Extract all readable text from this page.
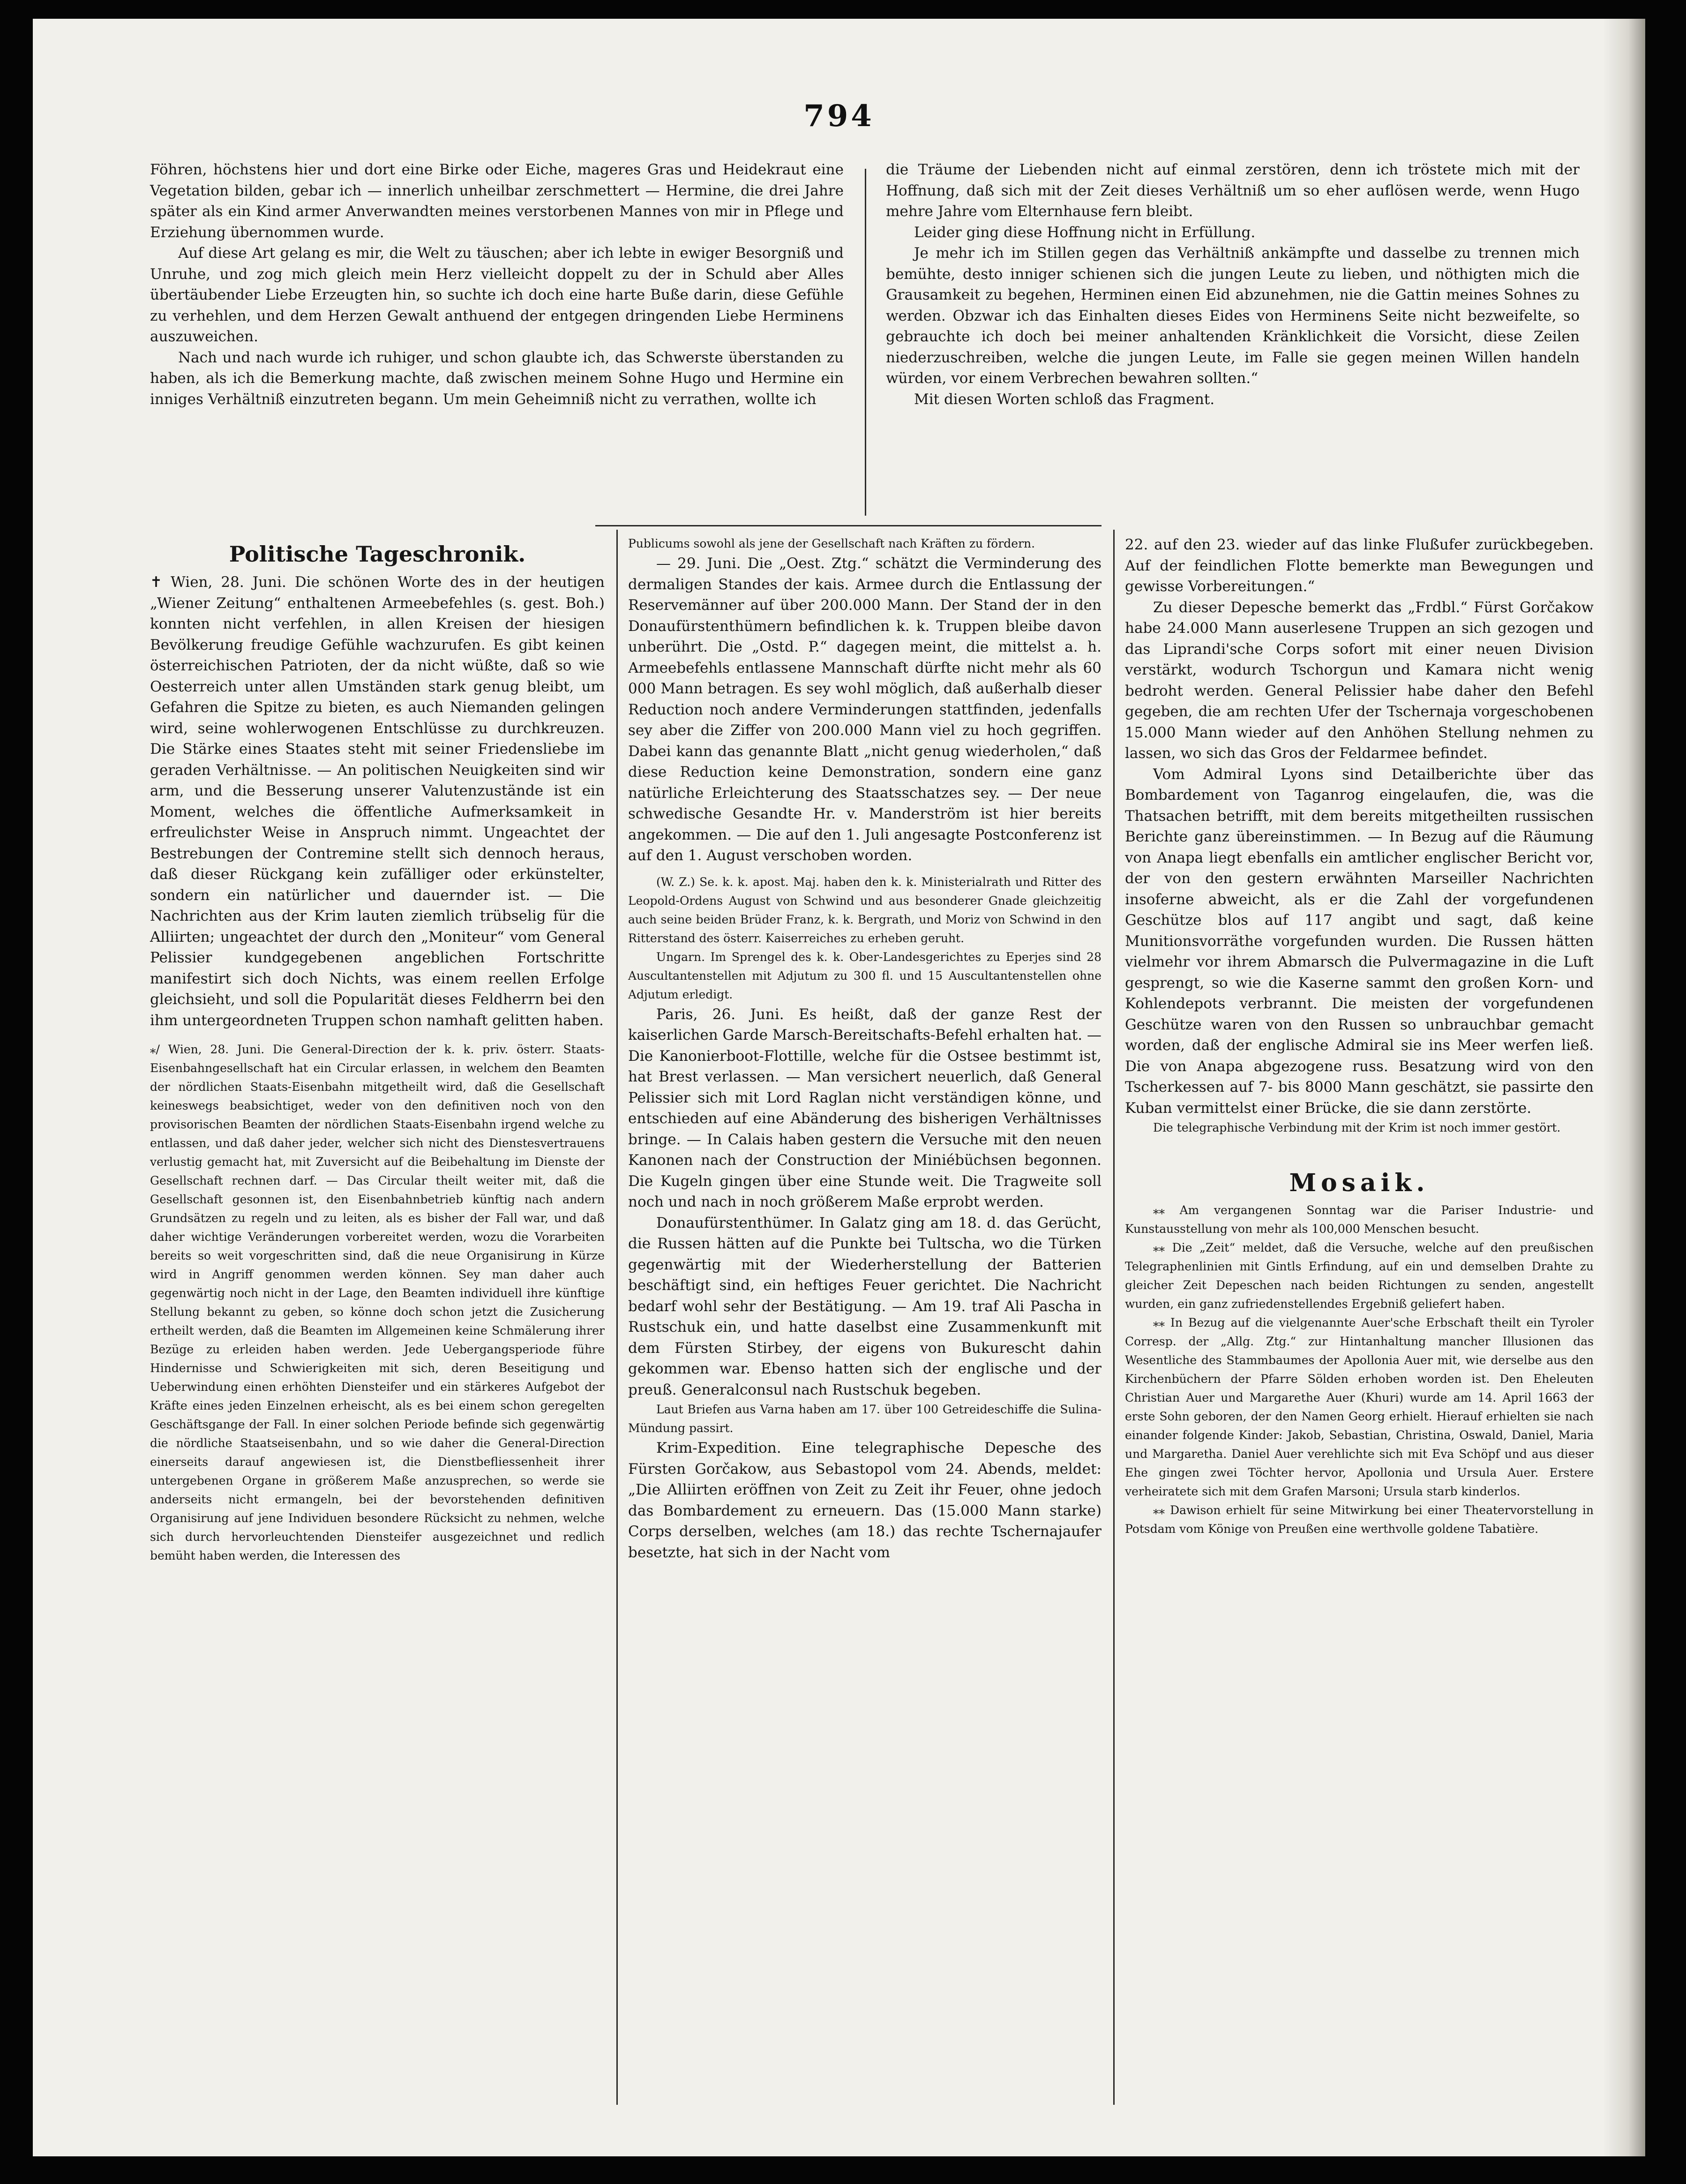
794

Föhren, höchstens hier und dort eine Birke oder Eiche, mageres Gras und Heidekraut eine Vegetation bilden, gebar ich — innerlich unheilbar zerschmettert — Hermine, die drei Jahre später als ein Kind armer Anverwandten meines verstorbenen Mannes von mir in Pflege und Erziehung übernommen wurde.

Auf diese Art gelang es mir, die Welt zu täuschen; aber ich lebte in ewiger Besorgniß und Unruhe, und zog mich gleich mein Herz vielleicht doppelt zu der in Schuld aber Alles übertäubender Liebe Erzeugten hin, so suchte ich doch eine harte Buße darin, diese Gefühle zu verhehlen, und dem Herzen Gewalt anthuend der entgegen dringenden Liebe Herminens auszuweichen.

Nach und nach wurde ich ruhiger, und schon glaubte ich, das Schwerste überstanden zu haben, als ich die Bemerkung machte, daß zwischen meinem Sohne Hugo und Hermine ein inniges Verhältniß einzutreten begann. Um mein Geheimniß nicht zu verrathen, wollte ich

die Träume der Liebenden nicht auf einmal zerstören, denn ich tröstete mich mit der Hoffnung, daß sich mit der Zeit dieses Verhältniß um so eher auflösen werde, wenn Hugo mehre Jahre vom Elternhause fern bleibt.

Leider ging diese Hoffnung nicht in Erfüllung.

Je mehr ich im Stillen gegen das Verhältniß ankämpfte und dasselbe zu trennen mich bemühte, desto inniger schienen sich die jungen Leute zu lieben, und nöthigten mich die Grausamkeit zu begehen, Herminen einen Eid abzunehmen, nie die Gattin meines Sohnes zu werden. Obzwar ich das Einhalten dieses Eides von Herminens Seite nicht bezweifelte, so gebrauchte ich doch bei meiner anhaltenden Kränklichkeit die Vorsicht, diese Zeilen niederzuschreiben, welche die jungen Leute, im Falle sie gegen meinen Willen handeln würden, vor einem Verbrechen bewahren sollten.“

Mit diesen Worten schloß das Fragment.

Politische Tageschronik.

✝ Wien, 28. Juni. Die schönen Worte des in der heutigen „Wiener Zeitung“ enthaltenen Armeebefehles (s. gest. Boh.) konnten nicht verfehlen, in allen Kreisen der hiesigen Bevölkerung freudige Gefühle wachzurufen. Es gibt keinen österreichischen Patrioten, der da nicht wüßte, daß so wie Oesterreich unter allen Umständen stark genug bleibt, um Gefahren die Spitze zu bieten, es auch Niemanden gelingen wird, seine wohlerwogenen Entschlüsse zu durchkreuzen. Die Stärke eines Staates steht mit seiner Friedensliebe im geraden Verhältnisse. — An politischen Neuigkeiten sind wir arm, und die Besserung unserer Valutenzustände ist ein Moment, welches die öffentliche Aufmerksamkeit in erfreulichster Weise in Anspruch nimmt. Ungeachtet der Bestrebungen der Contremine stellt sich dennoch heraus, daß dieser Rückgang kein zufälliger oder erkünstelter, sondern ein natürlicher und dauernder ist. — Die Nachrichten aus der Krim lauten ziemlich trübselig für die Alliirten; ungeachtet der durch den „Moniteur“ vom General Pelissier kundgegebenen angeblichen Fortschritte manifestirt sich doch Nichts, was einem reellen Erfolge gleichsieht, und soll die Popularität dieses Feldherrn bei den ihm untergeordneten Truppen schon namhaft gelitten haben.

⁎/ Wien, 28. Juni. Die General-Direction der k. k. priv. österr. Staats-Eisenbahngesellschaft hat ein Circular erlassen, in welchem den Beamten der nördlichen Staats-Eisenbahn mitgetheilt wird, daß die Gesellschaft keineswegs beabsichtiget, weder von den definitiven noch von den provisorischen Beamten der nördlichen Staats-Eisenbahn irgend welche zu entlassen, und daß daher jeder, welcher sich nicht des Dienstesvertrauens verlustig gemacht hat, mit Zuversicht auf die Beibehaltung im Dienste der Gesellschaft rechnen darf. — Das Circular theilt weiter mit, daß die Gesellschaft gesonnen ist, den Eisenbahnbetrieb künftig nach andern Grundsätzen zu regeln und zu leiten, als es bisher der Fall war, und daß daher wichtige Veränderungen vorbereitet werden, wozu die Vorarbeiten bereits so weit vorgeschritten sind, daß die neue Organisirung in Kürze wird in Angriff genommen werden können. Sey man daher auch gegenwärtig noch nicht in der Lage, den Beamten individuell ihre künftige Stellung bekannt zu geben, so könne doch schon jetzt die Zusicherung ertheilt werden, daß die Beamten im Allgemeinen keine Schmälerung ihrer Bezüge zu erleiden haben werden. Jede Uebergangsperiode führe Hindernisse und Schwierigkeiten mit sich, deren Beseitigung und Ueberwindung einen erhöhten Diensteifer und ein stärkeres Aufgebot der Kräfte eines jeden Einzelnen erheischt, als es bei einem schon geregelten Geschäftsgange der Fall. In einer solchen Periode befinde sich gegenwärtig die nördliche Staatseisenbahn, und so wie daher die General-Direction einerseits darauf angewiesen ist, die Dienstbefliessenheit ihrer untergebenen Organe in größerem Maße anzusprechen, so werde sie anderseits nicht ermangeln, bei der bevorstehenden definitiven Organisirung auf jene Individuen besondere Rücksicht zu nehmen, welche sich durch hervorleuchtenden Diensteifer ausgezeichnet und redlich bemüht haben werden, die Interessen des

Publicums sowohl als jene der Gesellschaft nach Kräften zu fördern.

— 29. Juni. Die „Oest. Ztg.“ schätzt die Verminderung des dermaligen Standes der kais. Armee durch die Entlassung der Reservemänner auf über 200.000 Mann. Der Stand der in den Donaufürstenthümern befindlichen k. k. Truppen bleibe davon unberührt. Die „Ostd. P.“ dagegen meint, die mittelst a. h. Armeebefehls entlassene Mannschaft dürfte nicht mehr als 60 000 Mann betragen. Es sey wohl möglich, daß außerhalb dieser Reduction noch andere Verminderungen stattfinden, jedenfalls sey aber die Ziffer von 200.000 Mann viel zu hoch gegriffen. Dabei kann das genannte Blatt „nicht genug wiederholen,“ daß diese Reduction keine Demonstration, sondern eine ganz natürliche Erleichterung des Staatsschatzes sey. — Der neue schwedische Gesandte Hr. v. Manderström ist hier bereits angekommen. — Die auf den 1. Juli angesagte Postconferenz ist auf den 1. August verschoben worden.

(W. Z.) Se. k. k. apost. Maj. haben den k. k. Ministerialrath und Ritter des Leopold-Ordens August von Schwind und aus besonderer Gnade gleichzeitig auch seine beiden Brüder Franz, k. k. Bergrath, und Moriz von Schwind in den Ritterstand des österr. Kaiserreiches zu erheben geruht.

Ungarn. Im Sprengel des k. k. Ober-Landesgerichtes zu Eperjes sind 28 Auscultantenstellen mit Adjutum zu 300 fl. und 15 Auscultantenstellen ohne Adjutum erledigt.

Paris, 26. Juni. Es heißt, daß der ganze Rest der kaiserlichen Garde Marsch-Bereitschafts-Befehl erhalten hat. — Die Kanonierboot-Flottille, welche für die Ostsee bestimmt ist, hat Brest verlassen. — Man versichert neuerlich, daß General Pelissier sich mit Lord Raglan nicht verständigen könne, und entschieden auf eine Abänderung des bisherigen Verhältnisses bringe. — In Calais haben gestern die Versuche mit den neuen Kanonen nach der Construction der Miniébüchsen begonnen. Die Kugeln gingen über eine Stunde weit. Die Tragweite soll noch und nach in noch größerem Maße erprobt werden.

Donaufürstenthümer. In Galatz ging am 18. d. das Gerücht, die Russen hätten auf die Punkte bei Tultscha, wo die Türken gegenwärtig mit der Wiederherstellung der Batterien beschäftigt sind, ein heftiges Feuer gerichtet. Die Nachricht bedarf wohl sehr der Bestätigung. — Am 19. traf Ali Pascha in Rustschuk ein, und hatte daselbst eine Zusammenkunft mit dem Fürsten Stirbey, der eigens von Bukurescht dahin gekommen war. Ebenso hatten sich der englische und der preuß. Generalconsul nach Rustschuk begeben.

Laut Briefen aus Varna haben am 17. über 100 Getreideschiffe die Sulina-Mündung passirt.

Krim-Expedition. Eine telegraphische Depesche des Fürsten Gorčakow, aus Sebastopol vom 24. Abends, meldet: „Die Alliirten eröffnen von Zeit zu Zeit ihr Feuer, ohne jedoch das Bombardement zu erneuern. Das (15.000 Mann starke) Corps derselben, welches (am 18.) das rechte Tschernajaufer besetzte, hat sich in der Nacht vom

22. auf den 23. wieder auf das linke Flußufer zurückbegeben. Auf der feindlichen Flotte bemerkte man Bewegungen und gewisse Vorbereitungen.“

Zu dieser Depesche bemerkt das „Frdbl.“ Fürst Gorčakow habe 24.000 Mann auserlesene Truppen an sich gezogen und das Liprandi'sche Corps sofort mit einer neuen Division verstärkt, wodurch Tschorgun und Kamara nicht wenig bedroht werden. General Pelissier habe daher den Befehl gegeben, die am rechten Ufer der Tschernaja vorgeschobenen 15.000 Mann wieder auf den Anhöhen Stellung nehmen zu lassen, wo sich das Gros der Feldarmee befindet.

Vom Admiral Lyons sind Detailberichte über das Bombardement von Taganrog eingelaufen, die, was die Thatsachen betrifft, mit dem bereits mitgetheilten russischen Berichte ganz übereinstimmen. — In Bezug auf die Räumung von Anapa liegt ebenfalls ein amtlicher englischer Bericht vor, der von den gestern erwähnten Marseiller Nachrichten insoferne abweicht, als er die Zahl der vorgefundenen Geschütze blos auf 117 angibt und sagt, daß keine Munitionsvorräthe vorgefunden wurden. Die Russen hätten vielmehr vor ihrem Abmarsch die Pulvermagazine in die Luft gesprengt, so wie die Kaserne sammt den großen Korn- und Kohlendepots verbrannt. Die meisten der vorgefundenen Geschütze waren von den Russen so unbrauchbar gemacht worden, daß der englische Admiral sie ins Meer werfen ließ. Die von Anapa abgezogene russ. Besatzung wird von den Tscherkessen auf 7- bis 8000 Mann geschätzt, sie passirte den Kuban vermittelst einer Brücke, die sie dann zerstörte.

Die telegraphische Verbindung mit der Krim ist noch immer gestört.

Mosaik.

⁎⁎ Am vergangenen Sonntag war die Pariser Industrie- und Kunstausstellung von mehr als 100,000 Menschen besucht.

⁎⁎ Die „Zeit“ meldet, daß die Versuche, welche auf den preußischen Telegraphenlinien mit Gintls Erfindung, auf ein und demselben Drahte zu gleicher Zeit Depeschen nach beiden Richtungen zu senden, angestellt wurden, ein ganz zufriedenstellendes Ergebniß geliefert haben.

⁎⁎ In Bezug auf die vielgenannte Auer'sche Erbschaft theilt ein Tyroler Corresp. der „Allg. Ztg.“ zur Hintanhaltung mancher Illusionen das Wesentliche des Stammbaumes der Apollonia Auer mit, wie derselbe aus den Kirchenbüchern der Pfarre Sölden erhoben worden ist. Den Eheleuten Christian Auer und Margarethe Auer (Khuri) wurde am 14. April 1663 der erste Sohn geboren, der den Namen Georg erhielt. Hierauf erhielten sie nach einander folgende Kinder: Jakob, Sebastian, Christina, Oswald, Daniel, Maria und Margaretha. Daniel Auer verehlichte sich mit Eva Schöpf und aus dieser Ehe gingen zwei Töchter hervor, Apollonia und Ursula Auer. Erstere verheiratete sich mit dem Grafen Marsoni; Ursula starb kinderlos.

⁎⁎ Dawison erhielt für seine Mitwirkung bei einer Theatervorstellung in Potsdam vom Könige von Preußen eine werthvolle goldene Tabatière.
